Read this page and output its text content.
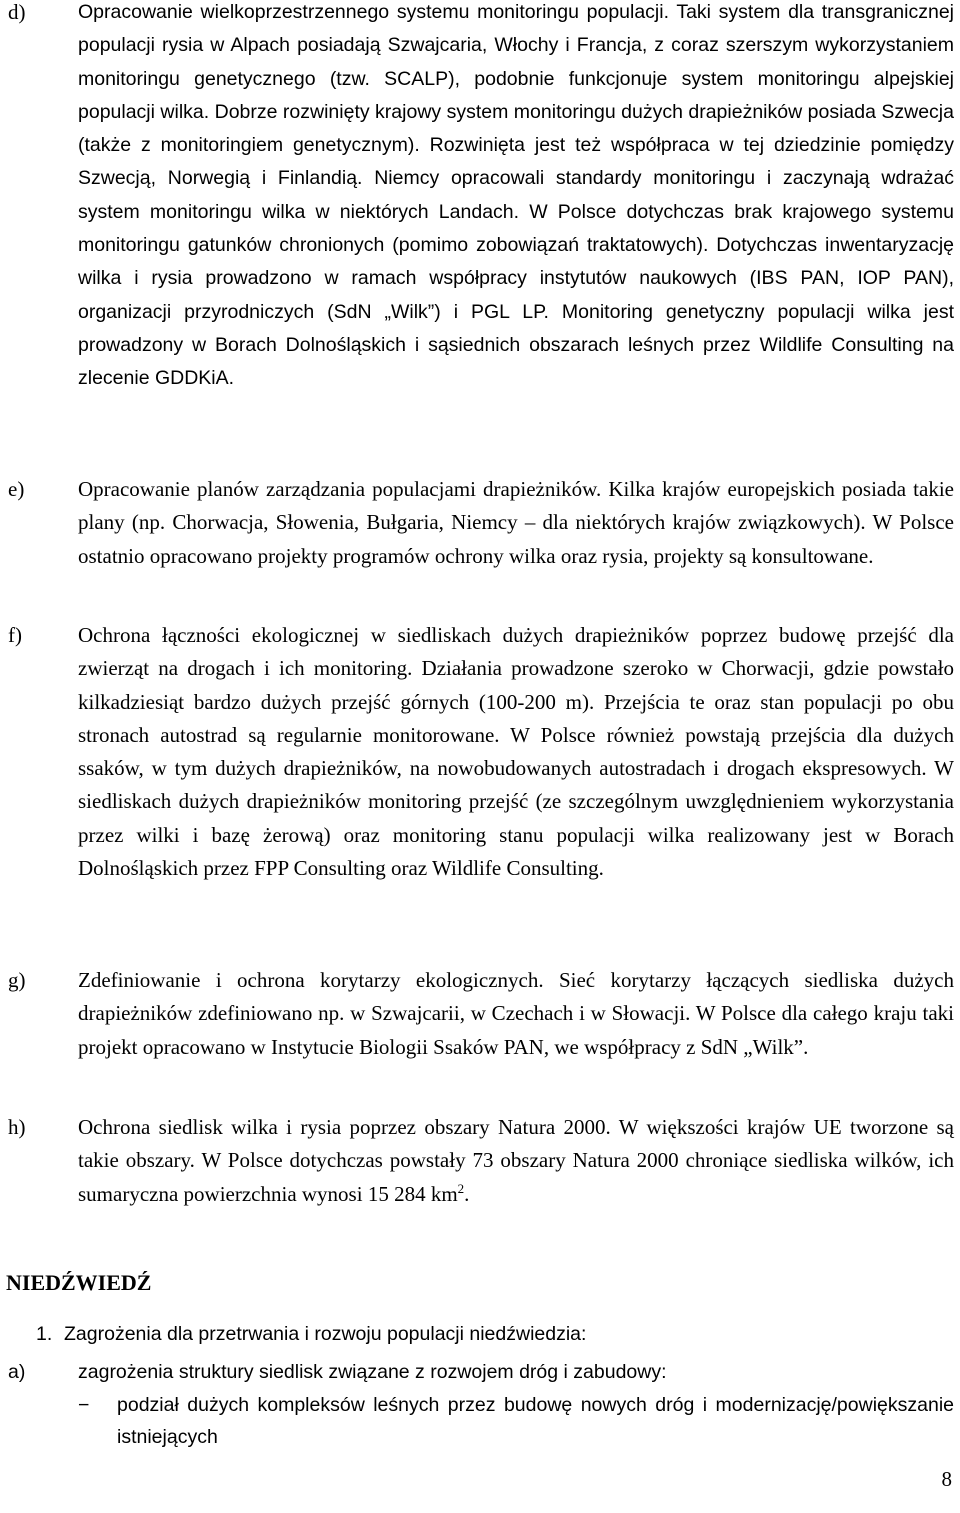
d)	Opracowanie wielkoprzestrzennego systemu monitoringu populacji. Taki system dla transgranicznej populacji rysia w Alpach posiadają Szwajcaria, Włochy i Francja, z coraz szerszym wykorzystaniem monitoringu genetycznego (tzw. SCALP), podobnie funkcjonuje system monitoringu alpejskiej populacji wilka. Dobrze rozwinięty krajowy system monitoringu dużych drapieżników posiada Szwecja (także z monitoringiem genetycznym). Rozwinięta jest też współpraca w tej dziedzinie pomiędzy Szwecją, Norwegią i Finlandią. Niemcy opracowali standardy monitoringu i zaczynają wdrażać system monitoringu wilka w niektórych Landach. W Polsce dotychczas brak krajowego systemu monitoringu gatunków chronionych (pomimo zobowiązań traktatowych). Dotychczas inwentaryzację wilka i rysia prowadzono w ramach współpracy instytutów naukowych (IBS PAN, IOP PAN), organizacji przyrodniczych (SdN „Wilk”) i PGL LP. Monitoring genetyczny populacji wilka jest prowadzony w Borach Dolnośląskich i sąsiednich obszarach leśnych przez Wildlife Consulting na zlecenie GDDKiA.
e)	Opracowanie planów zarządzania populacjami drapieżników. Kilka krajów europejskich posiada takie plany (np. Chorwacja, Słowenia, Bułgaria, Niemcy – dla niektórych krajów związkowych). W Polsce ostatnio opracowano projekty programów ochrony wilka oraz rysia, projekty są konsultowane.
f)	Ochrona łączności ekologicznej w siedliskach dużych drapieżników poprzez budowę przejść dla zwierząt na drogach i ich monitoring. Działania prowadzone szeroko w Chorwacji, gdzie powstało kilkadziesiąt bardzo dużych przejść górnych (100-200 m). Przejścia te oraz stan populacji po obu stronach autostrad są regularnie monitorowane. W Polsce również powstają przejścia dla dużych ssaków, w tym dużych drapieżników, na nowobudowanych autostradach i drogach ekspresowych. W siedliskach dużych drapieżników monitoring przejść (ze szczególnym uwzględnieniem wykorzystania przez wilki i bazę żerową) oraz monitoring stanu populacji wilka realizowany jest w Borach Dolnośląskich przez FPP Consulting oraz Wildlife Consulting.
g)	Zdefiniowanie i ochrona korytarzy ekologicznych. Sieć korytarzy łączących siedliska dużych drapieżników zdefiniowano np. w Szwajcarii, w Czechach i w Słowacji. W Polsce dla całego kraju taki projekt opracowano w Instytucie Biologii Ssaków PAN, we współpracy z SdN „Wilk”.
h)	Ochrona siedlisk wilka i rysia poprzez obszary Natura 2000. W większości krajów UE tworzone są takie obszary. W Polsce dotychczas powstały 73 obszary Natura 2000 chroniące siedliska wilków, ich sumaryczna powierzchnia wynosi 15 284 $km^2$.
NIEDŹWIEDŹ
1. Zagrożenia dla przetrwania i rozwoju populacji niedźwiedzia:
a)	zagrożenia struktury siedlisk związane z rozwojem dróg i zabudowy:
−	podział dużych kompleksów leśnych przez budowę nowych dróg i modernizację/powiększanie istniejących
8
